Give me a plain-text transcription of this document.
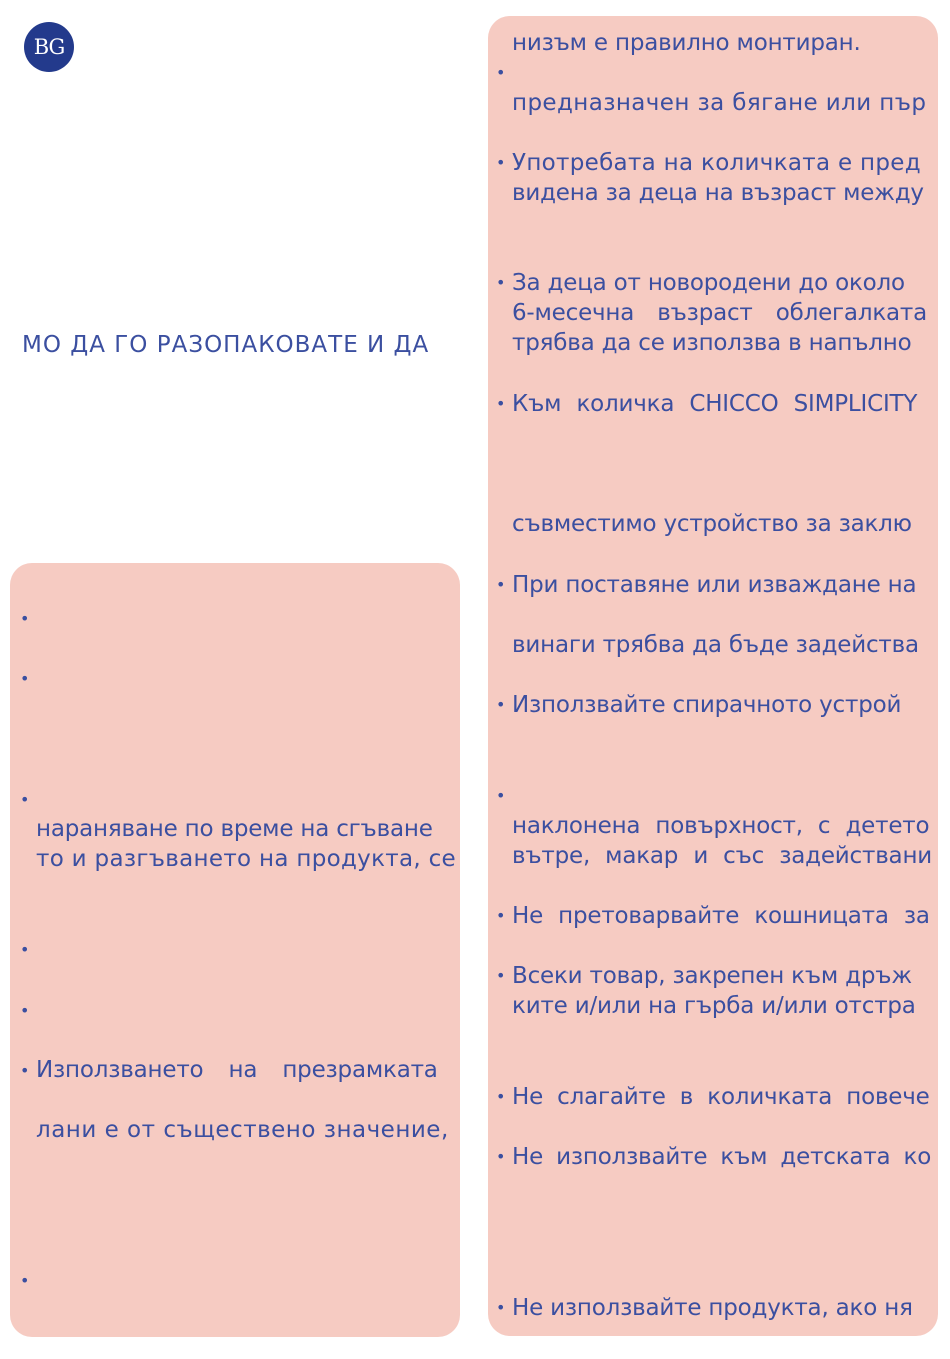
BG
МО ДА ГО РАЗОПАКОВАТЕ И ДА
•
•
•
•
•
•
•
нараняване по време на сгъване
то и разгъването на продукта, се
Използването на презрамката
лани е от съществено значение,
•
•
•
•
•
•
•
•
•
•
•
•
низъм е правилно монтиран.
предназначен за бягане или пър
Употребата на количката е пред
видена за деца на възраст между
За деца от новородени до около
6-месечна възраст облегалката
трябва да се използва в напълно
Към количка CHICCO SIMPLICITY
съвместимо устройство за заклю
При поставяне или изваждане на
винаги трябва да бъде задейства
Използвайте спирачното устрой
наклонена повърхност, с детето
вътре, макар и със задействани
Не претоварвайте кошницата за
Всеки товар, закрепен към дръж
ките и/или на гърба и/или отстра
Не слагайте в количката повече
Не използвайте към детската ко
Не използвайте продукта, ако ня
